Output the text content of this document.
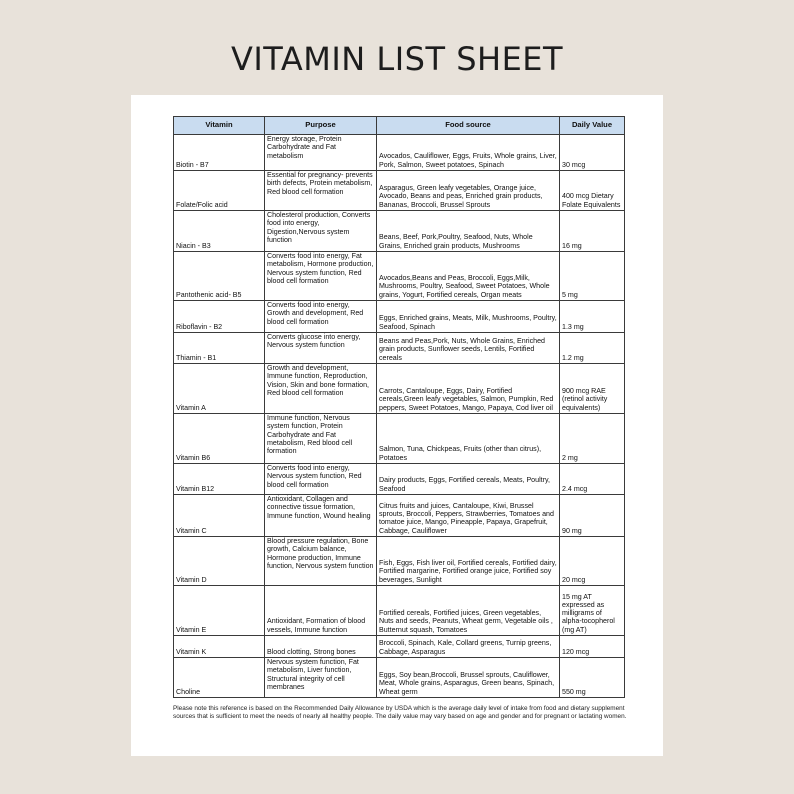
VITAMIN LIST SHEET
Vitamin	Purpose	Food source	Daily Value
Biotin - B7	Energy storage, Protein Carbohydrate and Fat metabolism	Avocados, Cauliflower, Eggs, Fruits, Whole grains, Liver, Pork, Salmon, Sweet potatoes, Spinach	30 mcg
Folate/Folic acid	Essential for pregnancy- prevents birth defects, Protein metabolism, Red blood cell formation	Asparagus, Green leafy vegetables, Orange juice, Avocado, Beans and peas, Enriched grain products, Bananas, Broccoli, Brussel Sprouts	400 mcg Dietary Folate Equivalents
Niacin - B3	Cholesterol production, Converts food into energy, Digestion,Nervous system function	Beans, Beef, Pork,Poultry, Seafood, Nuts, Whole Grains, Enriched grain products, Mushrooms	16 mg
Pantothenic acid- B5	Converts food into energy, Fat metabolism, Hormone production, Nervous system function, Red blood cell formation	Avocados,Beans and Peas, Broccoli, Eggs,Milk, Mushrooms, Poultry, Seafood, Sweet Potatoes, Whole grains, Yogurt, Fortified cereals, Organ meats	5 mg
Riboflavin - B2	Converts food into energy, Growth and development, Red blood cell formation	Eggs, Enriched grains, Meats, Milk, Mushrooms, Poultry, Seafood, Spinach	1.3 mg
Thiamin - B1	Converts glucose into energy, Nervous system function	Beans and Peas,Pork, Nuts, Whole Grains, Enriched grain products, Sunflower seeds, Lentils, Fortified cereals	1.2 mg
Vitamin A	Growth and development, Immune function, Reproduction, Vision, Skin and bone formation, Red blood cell formation	Carrots, Cantaloupe, Eggs, Dairy, Fortified cereals,Green leafy vegetables, Salmon, Pumpkin, Red peppers, Sweet Potatoes, Mango, Papaya, Cod liver oil	900 mcg RAE (retinol activity equivalents)
Vitamin B6	Immune function, Nervous system function, Protein Carbohydrate and Fat metabolism, Red blood cell formation	Salmon, Tuna, Chickpeas, Fruits (other than citrus), Potatoes	2 mg
Vitamin B12	Converts food into energy, Nervous system function, Red blood cell formation	Dairy products, Eggs, Fortified cereals, Meats, Poultry, Seafood	2.4 mcg
Vitamin C	Antioxidant, Collagen and connective tissue formation, Immune function, Wound healing	Citrus fruits and juices, Cantaloupe, Kiwi, Brussel sprouts, Broccoli, Peppers, Strawberries, Tomatoes and tomatoe juice, Mango, Pineapple, Papaya, Grapefruit, Cabbage, Cauliflower	90 mg
Vitamin D	Blood pressure regulation, Bone growth, Calcium balance, Hormone production, Immune function, Nervous system function	Fish, Eggs, Fish liver oil, Fortified cereals, Fortified dairy, Fortified margarine, Fortified orange juice, Fortified soy beverages, Sunlight	20 mcg
Vitamin E	Antioxidant, Formation of blood vessels, Immune function	Fortified cereals, Fortified juices, Green vegetables, Nuts and seeds, Peanuts, Wheat germ, Vegetable oils , Butternut squash, Tomatoes	15 mg AT expressed as milligrams of alpha-tocopherol (mg AT)
Vitamin K	Blood clotting, Strong bones	Broccoli, Spinach, Kale, Collard greens, Turnip greens, Cabbage, Asparagus	120 mcg
Choline	Nervous system function, Fat metabolism, Liver function, Structural integrity of cell membranes	Eggs, Soy bean,Broccoli, Brussel sprouts, Cauliflower, Meat, Whole grains, Asparagus, Green beans, Spinach, Wheat germ	550 mg
Please note this reference is based on the Recommended Daily Allowance by USDA which is the average daily level of intake from food and dietary supplement sources that is sufficient to meet the needs of nearly all healthy people. The daily value may vary based on age and gender and for pregnant or lactating women.
